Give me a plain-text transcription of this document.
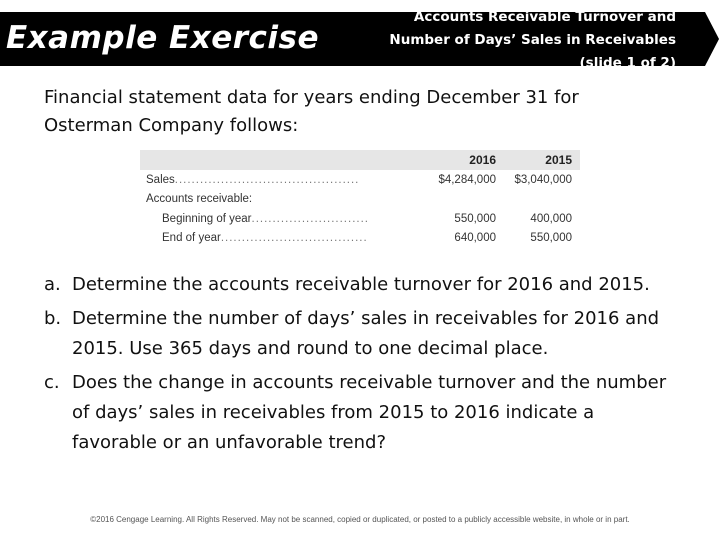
Example Exercise
Accounts Receivable Turnover and
Number of Days’ Sales in Receivables
(slide 1 of 2)
Financial statement data for years ending December 31 for Osterman Company follows:
	2016	2015
Sales............................................	$4,284,000	$3,040,000
Accounts receivable:		
Beginning of year............................	550,000	400,000
End of year...................................	640,000	550,000
a. Determine the accounts receivable turnover for 2016 and 2015.
b. Determine the number of days’ sales in receivables for 2016 and 2015. Use 365 days and round to one decimal place.
c. Does the change in accounts receivable turnover and the number of days’ sales in receivables from 2015 to 2016 indicate a favorable or an unfavorable trend?
©2016 Cengage Learning. All Rights Reserved. May not be scanned, copied or duplicated, or posted to a publicly accessible website, in whole or in part.
